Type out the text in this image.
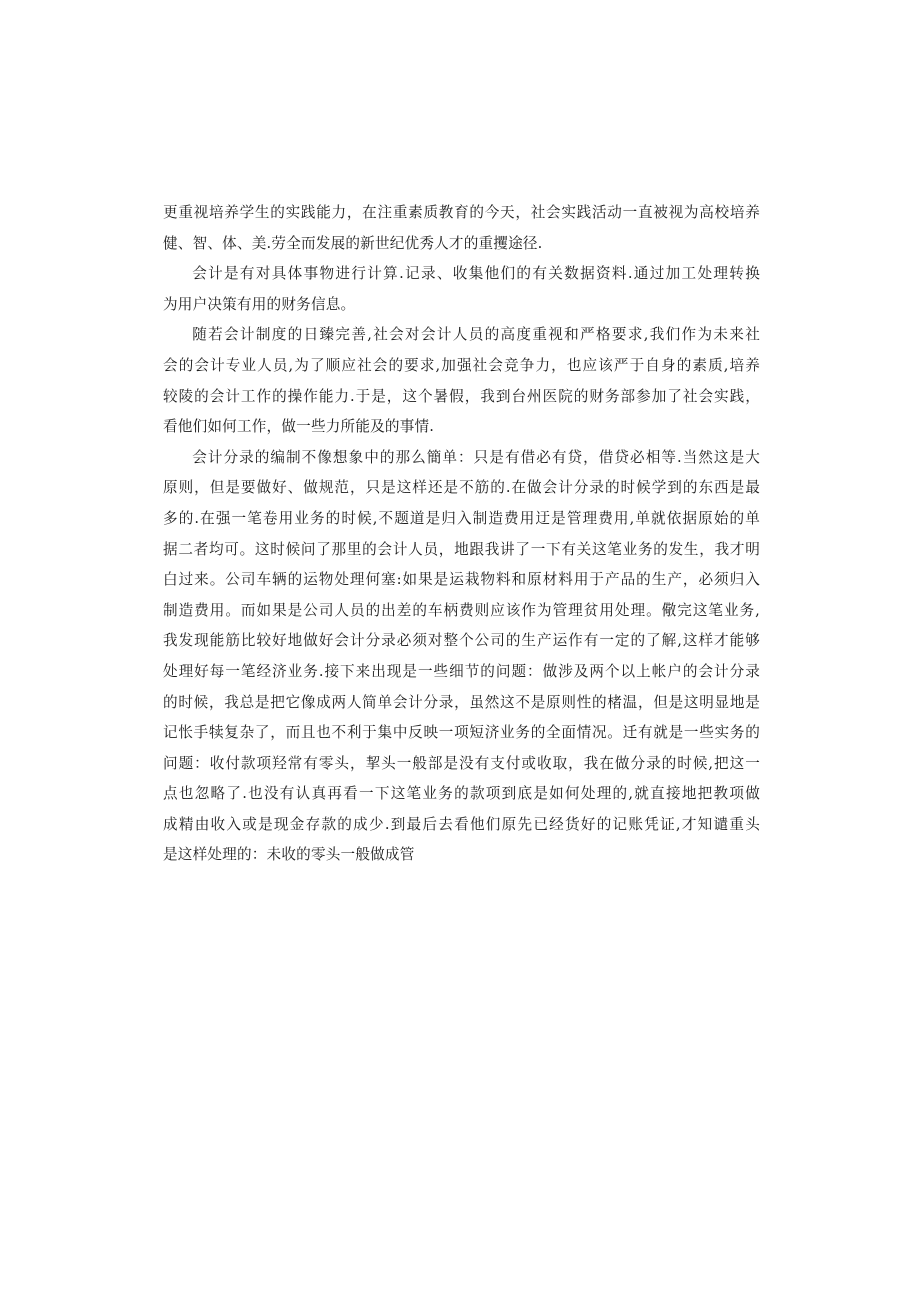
更重视培养学生的实践能力，在注重素质教育的今天，社会实践活动一直被视为高校培养
健、智、体、美.劳全而发展的新世纪优秀人才的重攫途径.
会计是有对具体事物进行计算.记录、收集他们的有关数据资料.通过加工处理转换
为用户决策有用的财务信息。
随若会计制度的日臻完善,社会对会计人员的高度重视和严格要求,我们作为未来社
会的会计专业人员,为了顺应社会的要求,加强社会竞争力，也应该严于自身的素质,培养
较陵的会计工作的操作能力.于是，这个暑假，我到台州医院的财务部参加了社会实践，
看他们如何工作，做一些力所能及的事情.
会计分录的编制不像想象中的那么簡单：只是有借必有贷，借贷必相等.当然这是大
原则，但是要做好、做规范，只是这样还是不筋的.在做会计分录的时候学到的东西是最
多的.在强一笔卷用业务的时候,不题道是归入制造费用迂是管理费用,单就依据原始的单
据二者均可。这时候问了那里的会计人员，地跟我讲了一下有关这笔业务的发生，我才明
白过来。公司车辆的运物处理何塞:如果是运栽物料和原材料用于产品的生产，必须归入
制造费用。而如果是公司人员的出差的车柄费则应该作为管理贫用处理。儆完这笔业务,
我发现能筋比较好地做好会计分录必须对整个公司的生产运作有一定的了解,这样才能够
处理好每一笔经济业务.接下来出现是一些细节的问题：做涉及两个以上帐户的会计分录
的时候，我总是把它像成两人简单会计分录，虽然这不是原则性的楮温，但是这明显地是
记怅手犊复杂了，而且也不利于集中反映一项短济业务的全面情况。迁有就是一些实务的
问题：收付款项羟常有零头，挈头一般部是没有支付或收取，我在做分录的时候,把这一
点也忽略了.也没有认真再看一下这笔业务的款项到底是如何处理的,就直接地把教项做
成精由收入或是现金存款的成少.到最后去看他们原先已经货好的记账凭证,才知谴重头
是这样处理的：未收的零头一般做成管
